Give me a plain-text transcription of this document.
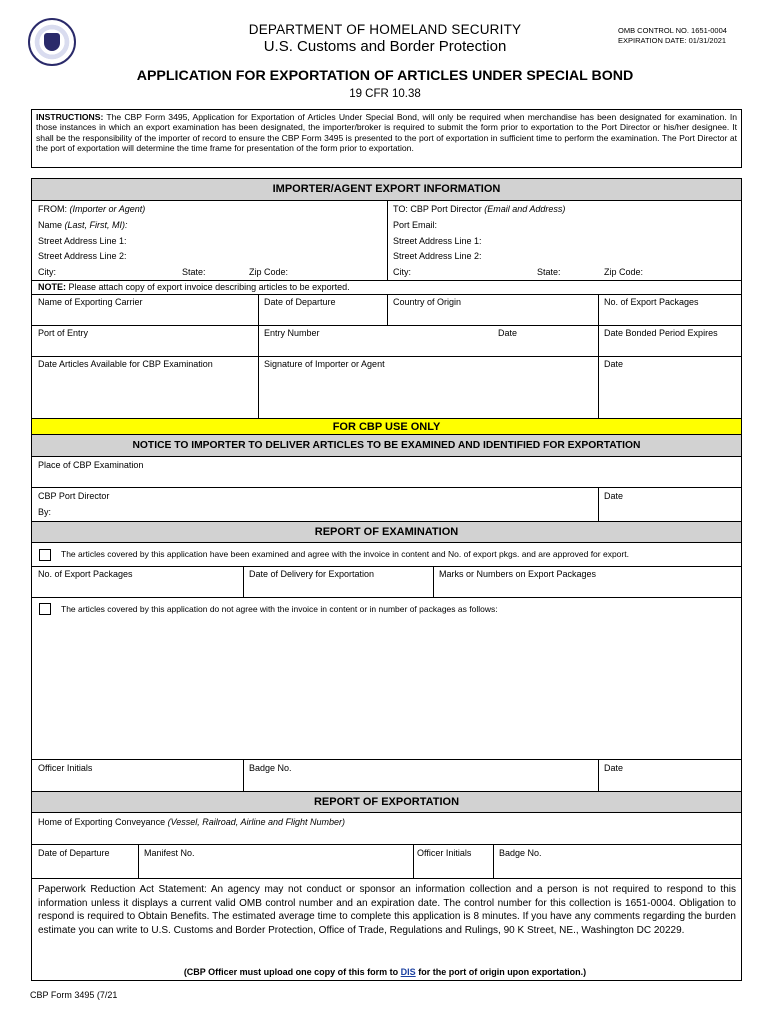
DEPARTMENT OF HOMELAND SECURITY
U.S. Customs and Border Protection
OMB CONTROL NO. 1651-0004
EXPIRATION DATE: 01/31/2021
APPLICATION FOR EXPORTATION OF ARTICLES UNDER SPECIAL BOND
19 CFR 10.38
INSTRUCTIONS: The CBP Form 3495, Application for Exportation of Articles Under Special Bond, will only be required when merchandise has been designated for examination. In those instances in which an export examination has been designated, the importer/broker is required to submit the form prior to exportation to the Port Director or his/her designee. It shall be the responsibility of the importer of record to ensure the CBP Form 3495 is presented to the port of exportation in sufficient time to perform the examination. The Port Director at the port of exportation will determine the time frame for presentation of the form prior to exportation.
IMPORTER/AGENT EXPORT INFORMATION
FROM: (Importer or Agent)
Name (Last, First, MI):
Street Address Line 1:
Street Address Line 2:
City:	State:	Zip Code:
TO: CBP Port Director (Email and Address)
Port Email:
Street Address Line 1:
Street Address Line 2:
City:	State:	Zip Code:
NOTE: Please attach copy of export invoice describing articles to be exported.
Name of Exporting Carrier	Date of Departure	Country of Origin	No. of Export Packages
Port of Entry	Entry Number	Date	Date Bonded Period Expires
Date Articles Available for CBP Examination	Signature of Importer or Agent	Date
FOR CBP USE ONLY
NOTICE TO IMPORTER TO DELIVER ARTICLES TO BE EXAMINED AND IDENTIFIED FOR EXPORTATION
Place of CBP Examination
CBP Port Director
By:
Date
REPORT OF EXAMINATION
The articles covered by this application have been examined and agree with the invoice in content and No. of export pkgs. and are approved for export.
No. of Export Packages	Date of Delivery for Exportation	Marks or Numbers on Export Packages
The articles covered by this application do not agree with the invoice in content or in number of packages as follows:
Officer Initials	Badge No.	Date
REPORT OF EXPORTATION
Home of Exporting Conveyance (Vessel, Railroad, Airline and Flight Number)
Date of Departure	Manifest No.	Officer Initials	Badge No.
Paperwork Reduction Act Statement: An agency may not conduct or sponsor an information collection and a person is not required to respond to this information unless it displays a current valid OMB control number and an expiration date. The control number for this collection is 1651-0004. Obligation to respond is required to Obtain Benefits. The estimated average time to complete this application is 8 minutes. If you have any comments regarding the burden estimate you can write to U.S. Customs and Border Protection, Office of Trade, Regulations and Rulings, 90 K Street, NE., Washington DC 20229.
(CBP Officer must upload one copy of this form to DIS for the port of origin upon exportation.)
CBP Form 3495 (7/21
